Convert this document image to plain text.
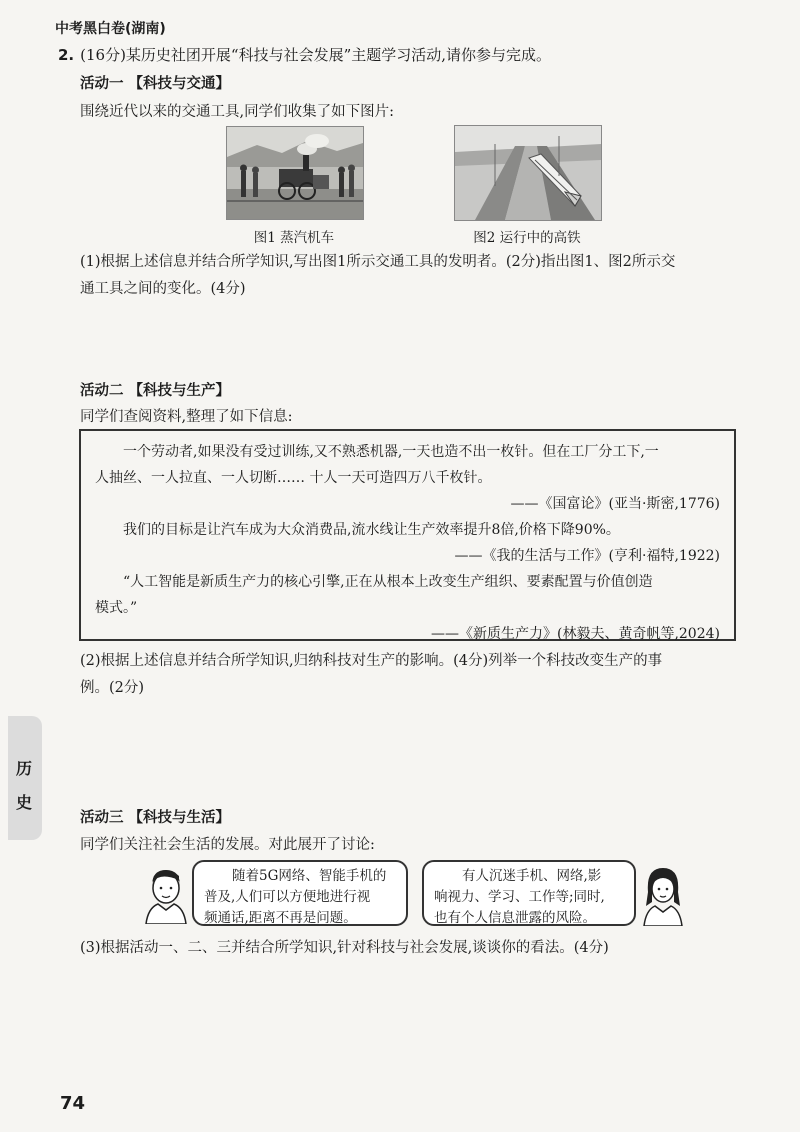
中考黑白卷(湖南)
2. (16分)某历史社团开展“科技与社会发展”主题学习活动,请你参与完成。
活动一 【科技与交通】
围绕近代以来的交通工具,同学们收集了如下图片:
图1 蒸汽机车	图2 运行中的高铁
(1)根据上述信息并结合所学知识,写出图1所示交通工具的发明者。(2分)指出图1、图2所示交
通工具之间的变化。(4分)
活动二 【科技与生产】
同学们查阅资料,整理了如下信息:
一个劳动者,如果没有受过训练,又不熟悉机器,一天也造不出一枚针。但在工厂分工下,一
人抽丝、一人拉直、一人切断…… 十人一天可造四万八千枚针。
——《国富论》(亚当·斯密,1776)
我们的目标是让汽车成为大众消费品,流水线让生产效率提升8倍,价格下降90%。
——《我的生活与工作》(亨利·福特,1922)
“人工智能是新质生产力的核心引擎,正在从根本上改变生产组织、要素配置与价值创造
模式。”
——《新质生产力》(林毅夫、黄奇帆等,2024)
(2)根据上述信息并结合所学知识,归纳科技对生产的影响。(4分)列举一个科技改变生产的事
例。(2分)
历
史
活动三 【科技与生活】
同学们关注社会生活的发展。对此展开了讨论:
随着5G网络、智能手机的
普及,人们可以方便地进行视
频通话,距离不再是问题。
有人沉迷手机、网络,影
响视力、学习、工作等;同时,
也有个人信息泄露的风险。
(3)根据活动一、二、三并结合所学知识,针对科技与社会发展,谈谈你的看法。(4分)
74
